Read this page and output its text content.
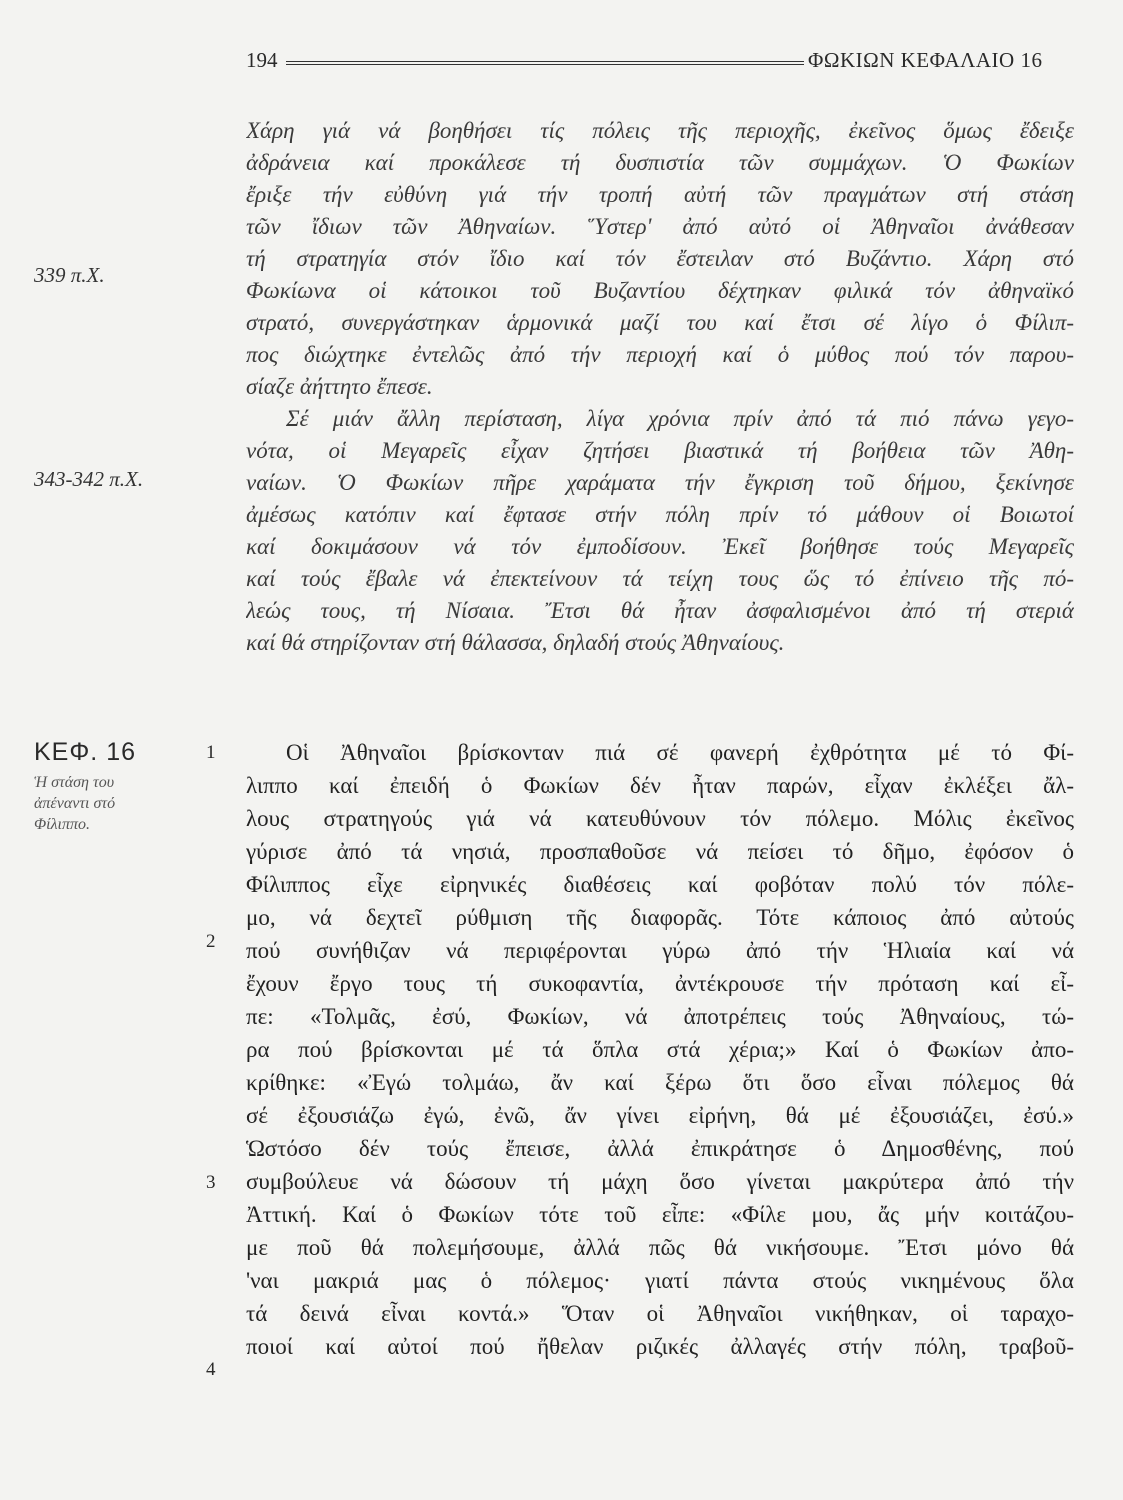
194	ΦΩΚΙΩΝ ΚΕΦΑΛΑΙΟ 16
339 π.Χ.
343-342 π.Χ.
ΚΕΦ. 16
Ἡ στάση του
ἀπέναντι στό
Φίλιππο.
1
2
3
4
Χάρη γιά νά βοηθήσει τίς πόλεις τῆς περιοχῆς, ἐκεῖνος ὅμως ἔδειξε
ἀδράνεια καί προκάλεσε τή δυσπιστία τῶν συμμάχων. Ὁ Φωκίων
ἔριξε τήν εὐθύνη γιά τήν τροπή αὐτή τῶν πραγμάτων στή στάση
τῶν ἴδιων τῶν Ἀθηναίων. Ὕστερ' ἀπό αὐτό οἱ Ἀθηναῖοι ἀνάθεσαν
τή στρατηγία στόν ἴδιο καί τόν ἔστειλαν στό Βυζάντιο. Χάρη στό
Φωκίωνα οἱ κάτοικοι τοῦ Βυζαντίου δέχτηκαν φιλικά τόν ἀθηναϊκό
στρατό, συνεργάστηκαν ἁρμονικά μαζί του καί ἔτσι σέ λίγο ὁ Φίλιπ-
πος διώχτηκε ἐντελῶς ἀπό τήν περιοχή καί ὁ μύθος πού τόν παρου-
σίαζε ἀήττητο ἔπεσε.
Σέ μιάν ἄλλη περίσταση, λίγα χρόνια πρίν ἀπό τά πιό πάνω γεγο-
νότα, οἱ Μεγαρεῖς εἶχαν ζητήσει βιαστικά τή βοήθεια τῶν Ἀθη-
ναίων. Ὁ Φωκίων πῆρε χαράματα τήν ἔγκριση τοῦ δήμου, ξεκίνησε
ἀμέσως κατόπιν καί ἔφτασε στήν πόλη πρίν τό μάθουν οἱ Βοιωτοί
καί δοκιμάσουν νά τόν ἐμποδίσουν. Ἐκεῖ βοήθησε τούς Μεγαρεῖς
καί τούς ἔβαλε νά ἐπεκτείνουν τά τείχη τους ὥς τό ἐπίνειο τῆς πό-
λεώς τους, τή Νίσαια. Ἔτσι θά ἦταν ἀσφαλισμένοι ἀπό τή στεριά
καί θά στηρίζονταν στή θάλασσα, δηλαδή στούς Ἀθηναίους.
Οἱ Ἀθηναῖοι βρίσκονταν πιά σέ φανερή ἐχθρότητα μέ τό Φί-
λιππο καί ἐπειδή ὁ Φωκίων δέν ἦταν παρών, εἶχαν ἐκλέξει ἄλ-
λους στρατηγούς γιά νά κατευθύνουν τόν πόλεμο. Μόλις ἐκεῖνος
γύρισε ἀπό τά νησιά, προσπαθοῦσε νά πείσει τό δῆμο, ἐφόσον ὁ
Φίλιππος εἶχε εἰρηνικές διαθέσεις καί φοβόταν πολύ τόν πόλε-
μο, νά δεχτεῖ ρύθμιση τῆς διαφορᾶς. Τότε κάποιος ἀπό αὐτούς
πού συνήθιζαν νά περιφέρονται γύρω ἀπό τήν Ἡλιαία καί νά
ἔχουν ἔργο τους τή συκοφαντία, ἀντέκρουσε τήν πρόταση καί εἶ-
πε: «Τολμᾶς, ἐσύ, Φωκίων, νά ἀποτρέπεις τούς Ἀθηναίους, τώ-
ρα πού βρίσκονται μέ τά ὅπλα στά χέρια;» Καί ὁ Φωκίων ἀπο-
κρίθηκε: «Ἐγώ τολμάω, ἄν καί ξέρω ὅτι ὅσο εἶναι πόλεμος θά
σέ ἐξουσιάζω ἐγώ, ἐνῶ, ἄν γίνει εἰρήνη, θά μέ ἐξουσιάζει, ἐσύ.»
Ὡστόσο δέν τούς ἔπεισε, ἀλλά ἐπικράτησε ὁ Δημοσθένης, πού
συμβούλευε νά δώσουν τή μάχη ὅσο γίνεται μακρύτερα ἀπό τήν
Ἀττική. Καί ὁ Φωκίων τότε τοῦ εἶπε: «Φίλε μου, ἄς μήν κοιτάζου-
με ποῦ θά πολεμήσουμε, ἀλλά πῶς θά νικήσουμε. Ἔτσι μόνο θά
'ναι μακριά μας ὁ πόλεμος· γιατί πάντα στούς νικημένους ὅλα
τά δεινά εἶναι κοντά.» Ὅταν οἱ Ἀθηναῖοι νικήθηκαν, οἱ ταραχο-
ποιοί καί αὐτοί πού ἤθελαν ριζικές ἀλλαγές στήν πόλη, τραβοῦ-
